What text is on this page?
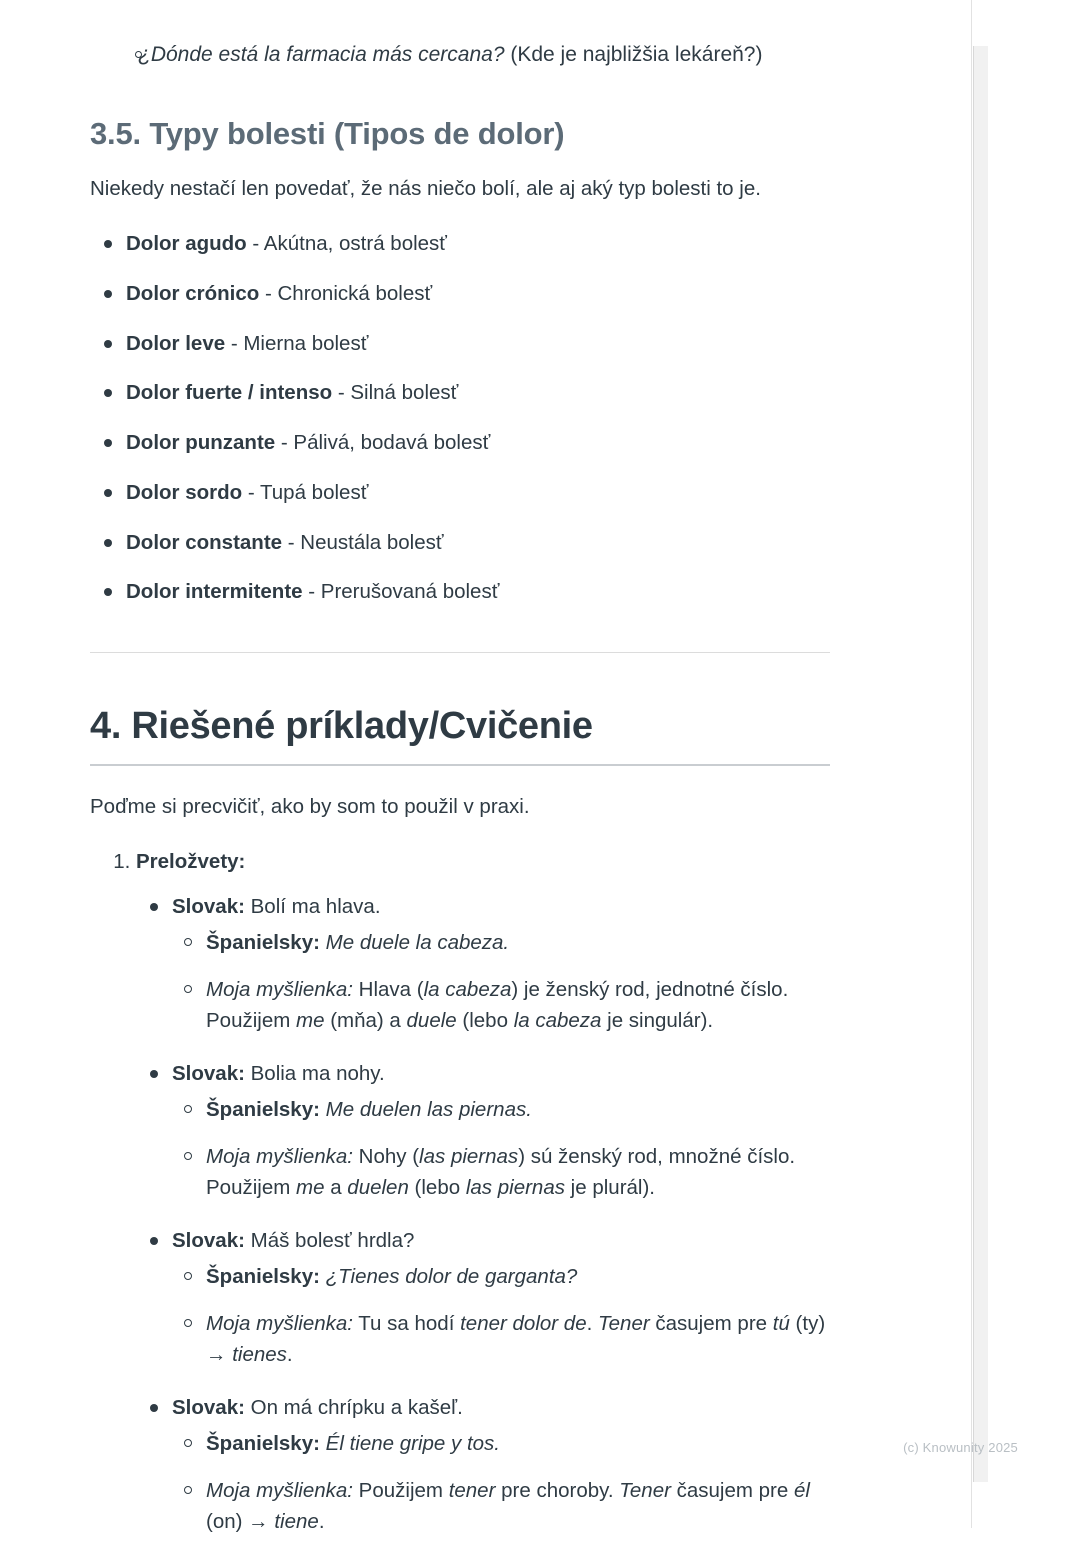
¿Dónde está la farmacia más cercana? (Kde je najbližšia lekáreň?)
3.5. Typy bolesti (Tipos de dolor)

Niekedy nestačí len povedať, že nás niečo bolí, ale aj aký typ bolesti to je.

Dolor agudo - Akútna, ostrá bolesť
Dolor crónico - Chronická bolesť
Dolor leve - Mierna bolesť
Dolor fuerte / intenso - Silná bolesť
Dolor punzante - Pálivá, bodavá bolesť
Dolor sordo - Tupá bolesť
Dolor constante - Neustála bolesť
Dolor intermitente - Prerušovaná bolesť
4. Riešené príklady/Cvičenie

Poďme si precvičiť, ako by som to použil v praxi.

1. Preložvety:
Slovak: Bolí ma hlava.
Španielsky: Me duele la cabeza.
Moja myšlienka: Hlava (la cabeza) je ženský rod, jednotné číslo. Použijem me (mňa) a duele (lebo la cabeza je singulár).
Slovak: Bolia ma nohy.
Španielsky: Me duelen las piernas.
Moja myšlienka: Nohy (las piernas) sú ženský rod, množné číslo. Použijem me a duelen (lebo las piernas je plurál).
Slovak: Máš bolesť hrdla?
Španielsky: ¿Tienes dolor de garganta?
Moja myšlienka: Tu sa hodí tener dolor de. Tener časujem pre tú (ty) → tienes.
Slovak: On má chrípku a kašeľ.
Španielsky: Él tiene gripe y tos.
Moja myšlienka: Použijem tener pre choroby. Tener časujem pre él (on) → tiene.
(c) Knowunity 2025
